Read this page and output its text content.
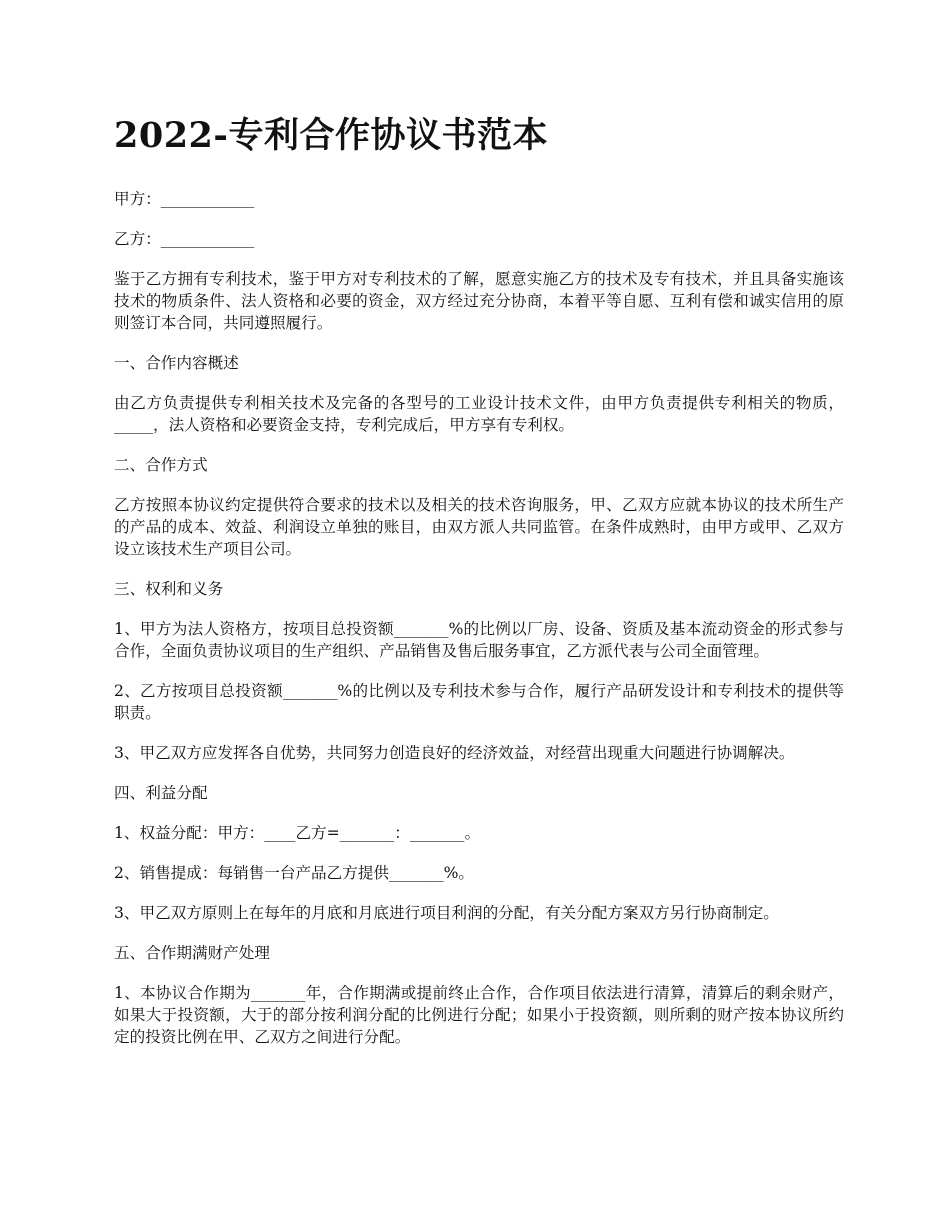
2022-专利合作协议书范本

甲方：____________

乙方：____________

鉴于乙方拥有专利技术，鉴于甲方对专利技术的了解，愿意实施乙方的技术及专有技术，并且具备实施该技术的物质条件、法人资格和必要的资金，双方经过充分协商，本着平等自愿、互利有偿和诚实信用的原则签订本合同，共同遵照履行。

一、合作内容概述

由乙方负责提供专利相关技术及完备的各型号的工业设计技术文件，由甲方负责提供专利相关的物质，_____，法人资格和必要资金支持，专利完成后，甲方享有专利权。

二、合作方式

乙方按照本协议约定提供符合要求的技术以及相关的技术咨询服务，甲、乙双方应就本协议的技术所生产的产品的成本、效益、利润设立单独的账目，由双方派人共同监管。在条件成熟时，由甲方或甲、乙双方设立该技术生产项目公司。

三、权利和义务

1、甲方为法人资格方，按项目总投资额_______%的比例以厂房、设备、资质及基本流动资金的形式参与合作，全面负责协议项目的生产组织、产品销售及售后服务事宜，乙方派代表与公司全面管理。

2、乙方按项目总投资额_______%的比例以及专利技术参与合作，履行产品研发设计和专利技术的提供等职责。

3、甲乙双方应发挥各自优势，共同努力创造良好的经济效益，对经营出现重大问题进行协调解决。

四、利益分配

1、权益分配：甲方：____乙方=_______：_______。

2、销售提成：每销售一台产品乙方提供_______%。

3、甲乙双方原则上在每年的月底和月底进行项目利润的分配，有关分配方案双方另行协商制定。

五、合作期满财产处理

1、本协议合作期为_______年，合作期满或提前终止合作，合作项目依法进行清算，清算后的剩余财产，如果大于投资额，大于的部分按利润分配的比例进行分配；如果小于投资额，则所剩的财产按本协议所约定的投资比例在甲、乙双方之间进行分配。
